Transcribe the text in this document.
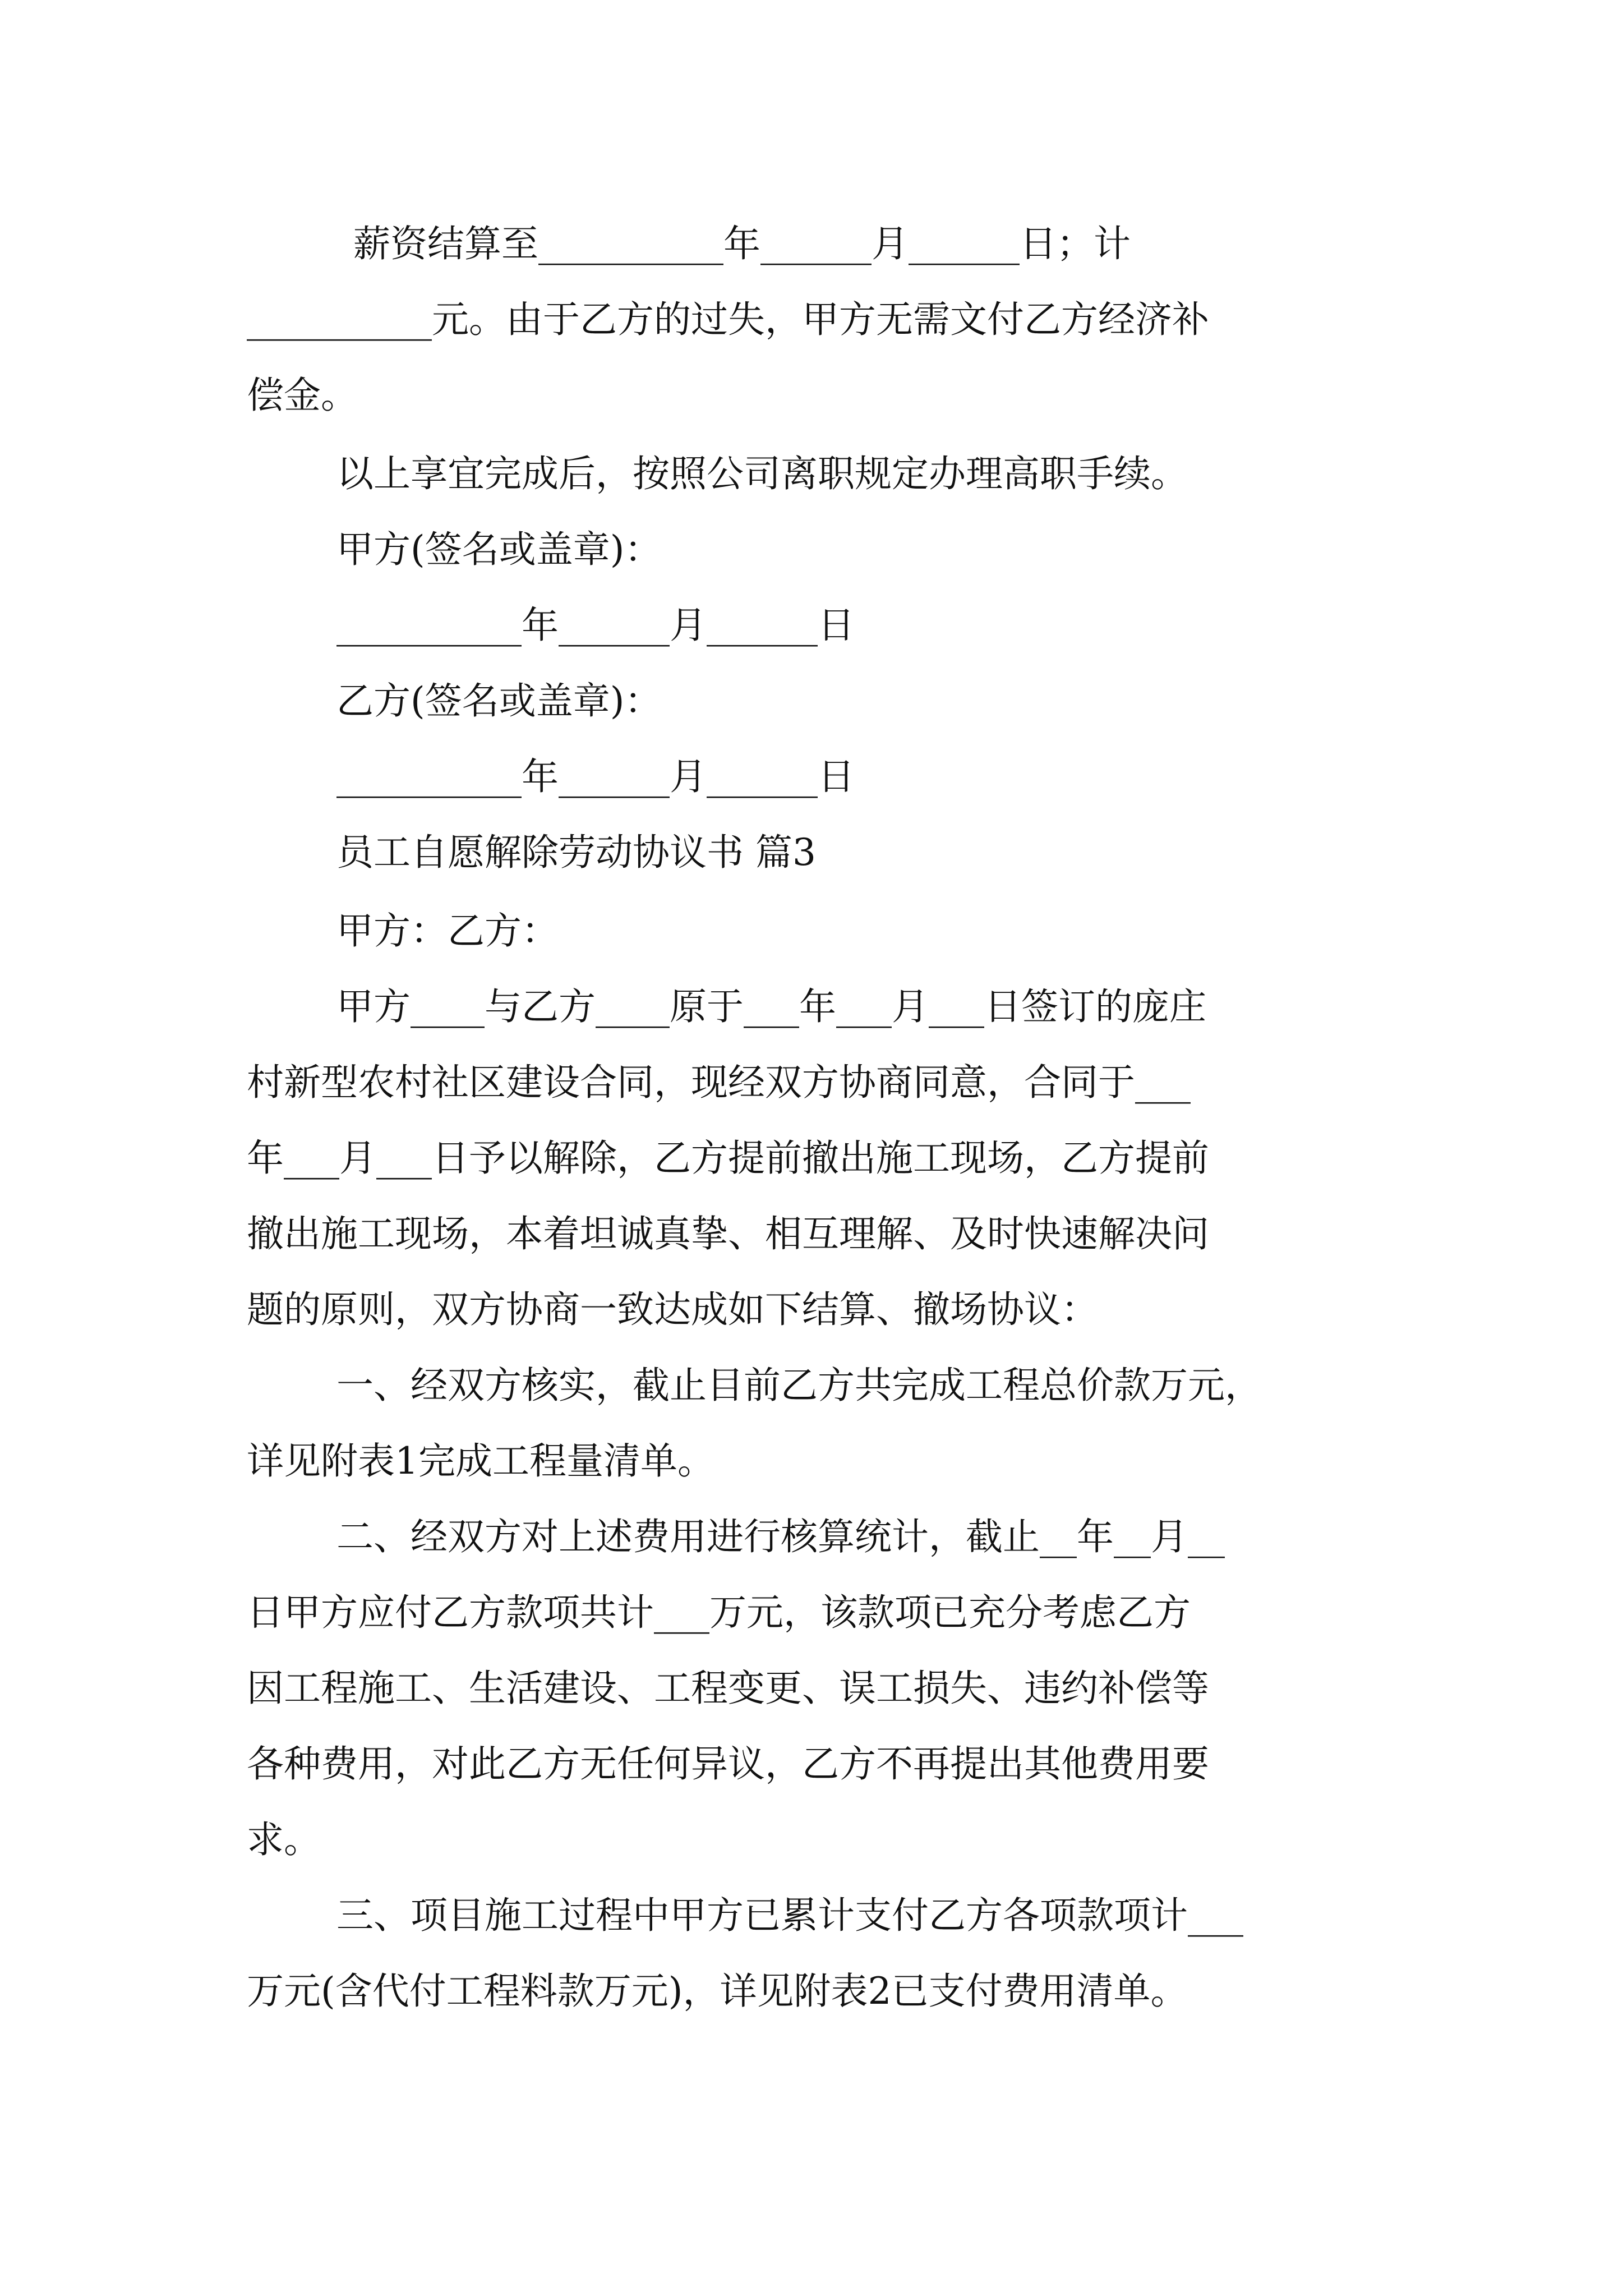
薪资结算至__________年______月______日；计
__________元。由于乙方的过失，甲方无需文付乙方经济补
偿金。
以上享宜完成后，按照公司离职规定办理高职手续。
甲方(签名或盖章)：
__________年______月______日
乙方(签名或盖章)：
__________年______月______日
员工自愿解除劳动协议书 篇3
甲方：乙方：
甲方____与乙方____原于___年___月___日签订的庞庄
村新型农村社区建设合同，现经双方协商同意，合同于___
年___月___日予以解除，乙方提前撤出施工现场，乙方提前
撤出施工现场，本着坦诚真挚、相互理解、及时快速解决问
题的原则，双方协商一致达成如下结算、撤场协议：
一、经双方核实，截止目前乙方共完成工程总价款万元，
详见附表1完成工程量清单。
二、经双方对上述费用进行核算统计，截止__年__月__
日甲方应付乙方款项共计___万元，该款项已充分考虑乙方
因工程施工、生活建设、工程变更、误工损失、违约补偿等
各种费用，对此乙方无任何异议，乙方不再提出其他费用要
求。
三、项目施工过程中甲方已累计支付乙方各项款项计___
万元(含代付工程料款万元)，详见附表2已支付费用清单。
